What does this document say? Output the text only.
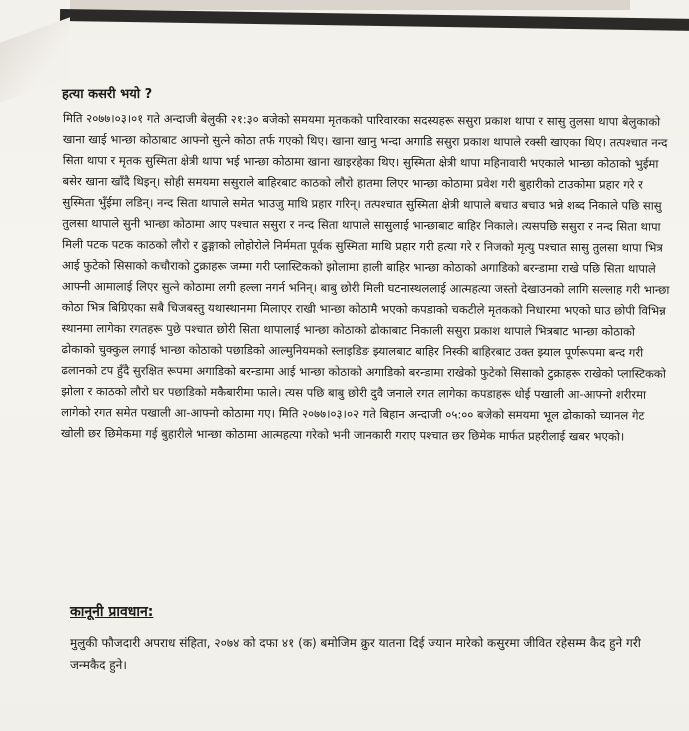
हत्या कसरी भयो ?

मिति २०७७।०३।०१ गते अन्दाजी बेलुकी २१:३० बजेको समयमा मृतकको पारिवारका सदस्यहरू ससुरा प्रकाश थापा र सासु तुलसा थापा बेलुकाको खाना खाई भान्छा कोठाबाट आफ्नो सुत्ने कोठा तर्फ गएको थिए। खाना खानु भन्दा अगाडि ससुरा प्रकाश थापाले रक्सी खाएका थिए। तत्पश्चात नन्द सिता थापा र मृतक सुस्मिता क्षेत्री थापा भई भान्छा कोठामा खाना खाइरहेका थिए। सुस्मिता क्षेत्री थापा महिनावारी भएकाले भान्छा कोठाको भुईमा बसेर खाना खाँदै थिइन्। सोही समयमा ससुराले बाहिरबाट काठको लौरो हातमा लिएर भान्छा कोठामा प्रवेश गरी बुहारीको टाउकोमा प्रहार गरे र सुस्मिता भुँईमा लडिन्। नन्द सिता थापाले समेत भाउजु माथि प्रहार गरिन्। तत्पश्चात सुस्मिता क्षेत्री थापाले बचाउ बचाउ भन्ने शब्द निकाले पछि सासु तुलसा थापाले सुनी भान्छा कोठामा आए पश्चात ससुरा र नन्द सिता थापाले सासुलाई भान्छाबाट बाहिर निकाले। त्यसपछि ससुरा र नन्द सिता थापा मिली पटक पटक काठको लौरो र ढुङ्गाको लोहोरोले निर्ममता पूर्वक सुस्मिता माथि प्रहार गरी हत्या गरे र निजको मृत्यु पश्चात सासु तुलसा थापा भित्र आई फुटेको सिसाको कचौराको टुक्राहरू जम्मा गरी प्लास्टिकको झोलामा हाली बाहिर भान्छा कोठाको अगाडिको बरन्डामा राखे पछि सिता थापाले आफ्नी आमालाई लिएर सुत्ने कोठामा लगी हल्ला नगर्न भनिन्। बाबु छोरी मिली घटनास्थललाई आत्महत्या जस्तो देखाउनको लागि सल्लाह गरी भान्छा कोठा भित्र बिग्रिएका सबै चिजबस्तु यथास्थानमा मिलाएर राखी भान्छा कोठामै भएको कपडाको चकटीले मृतकको निधारमा भएको घाउ छोपी विभिन्न स्थानमा लागेका रगतहरू पुछे पश्चात छोरी सिता थापालाई भान्छा कोठाको ढोकाबाट निकाली ससुरा प्रकाश थापाले भित्रबाट भान्छा कोठाको ढोकाको चुक्कुल लगाई भान्छा कोठाको पछाडिको आल्मुनियमको स्लाइडिङ झ्यालबाट बाहिर निस्की बाहिरबाट उक्त झ्याल पूर्णरूपमा बन्द गरी ढलानको टप हुँदै सुरक्षित रूपमा अगाडिको बरन्डामा आई भान्छा कोठाको अगाडिको बरन्डामा राखेको फुटेको सिसाको टुक्राहरू राखेको प्लास्टिकको झोला र काठको लौरो घर पछाडिको मकैबारीमा फाले। त्यस पछि बाबु छोरी दुवै जनाले रगत लागेका कपडाहरू धोई पखाली आ-आफ्नो शरीरमा लागेको रगत समेत पखाली आ-आफ्नो कोठामा गए। मिति २०७७।०३।०२ गते बिहान अन्दाजी ०५:०० बजेको समयमा भूल ढोकाको च्यानल गेट खोली छर छिमेकमा गई बुहारीले भान्छा कोठामा आत्महत्या गरेको भनी जानकारी गराए पश्चात छर छिमेक मार्फत प्रहरीलाई खबर भएको।

कानूनी प्रावधान:

मुलुकी फौजदारी अपराध संहिता, २०७४ को दफा ४१ (क) बमोजिम क्रुर यातना दिई ज्यान मारेको कसुरमा जीवित रहेसम्म कैद हुने गरी जन्मकैद हुने।
